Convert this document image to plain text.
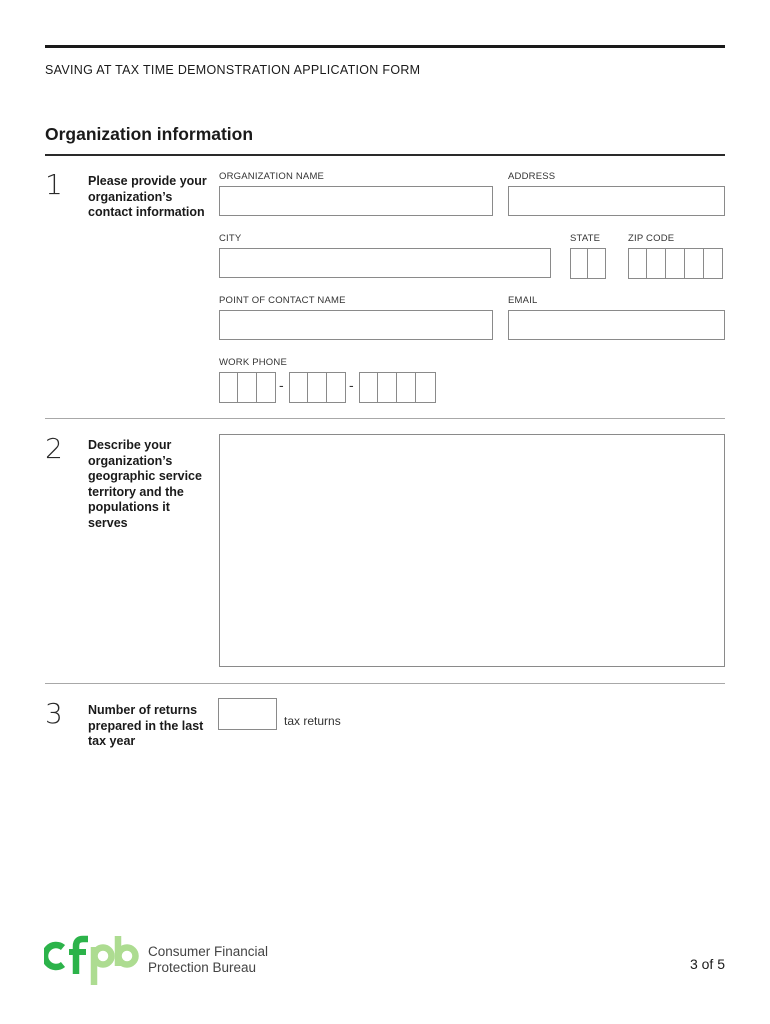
SAVING AT TAX TIME DEMONSTRATION APPLICATION FORM
Organization information
1 Please provide your organization’s contact information
ORGANIZATION NAME	ADDRESS
CITY	STATE	ZIP CODE
POINT OF CONTACT NAME	EMAIL
WORK PHONE
-	-
2 Describe your organization’s geographic service territory and the populations it serves
3 Number of returns prepared in the last tax year
tax returns
Consumer Financial
Protection Bureau	3 of 5
